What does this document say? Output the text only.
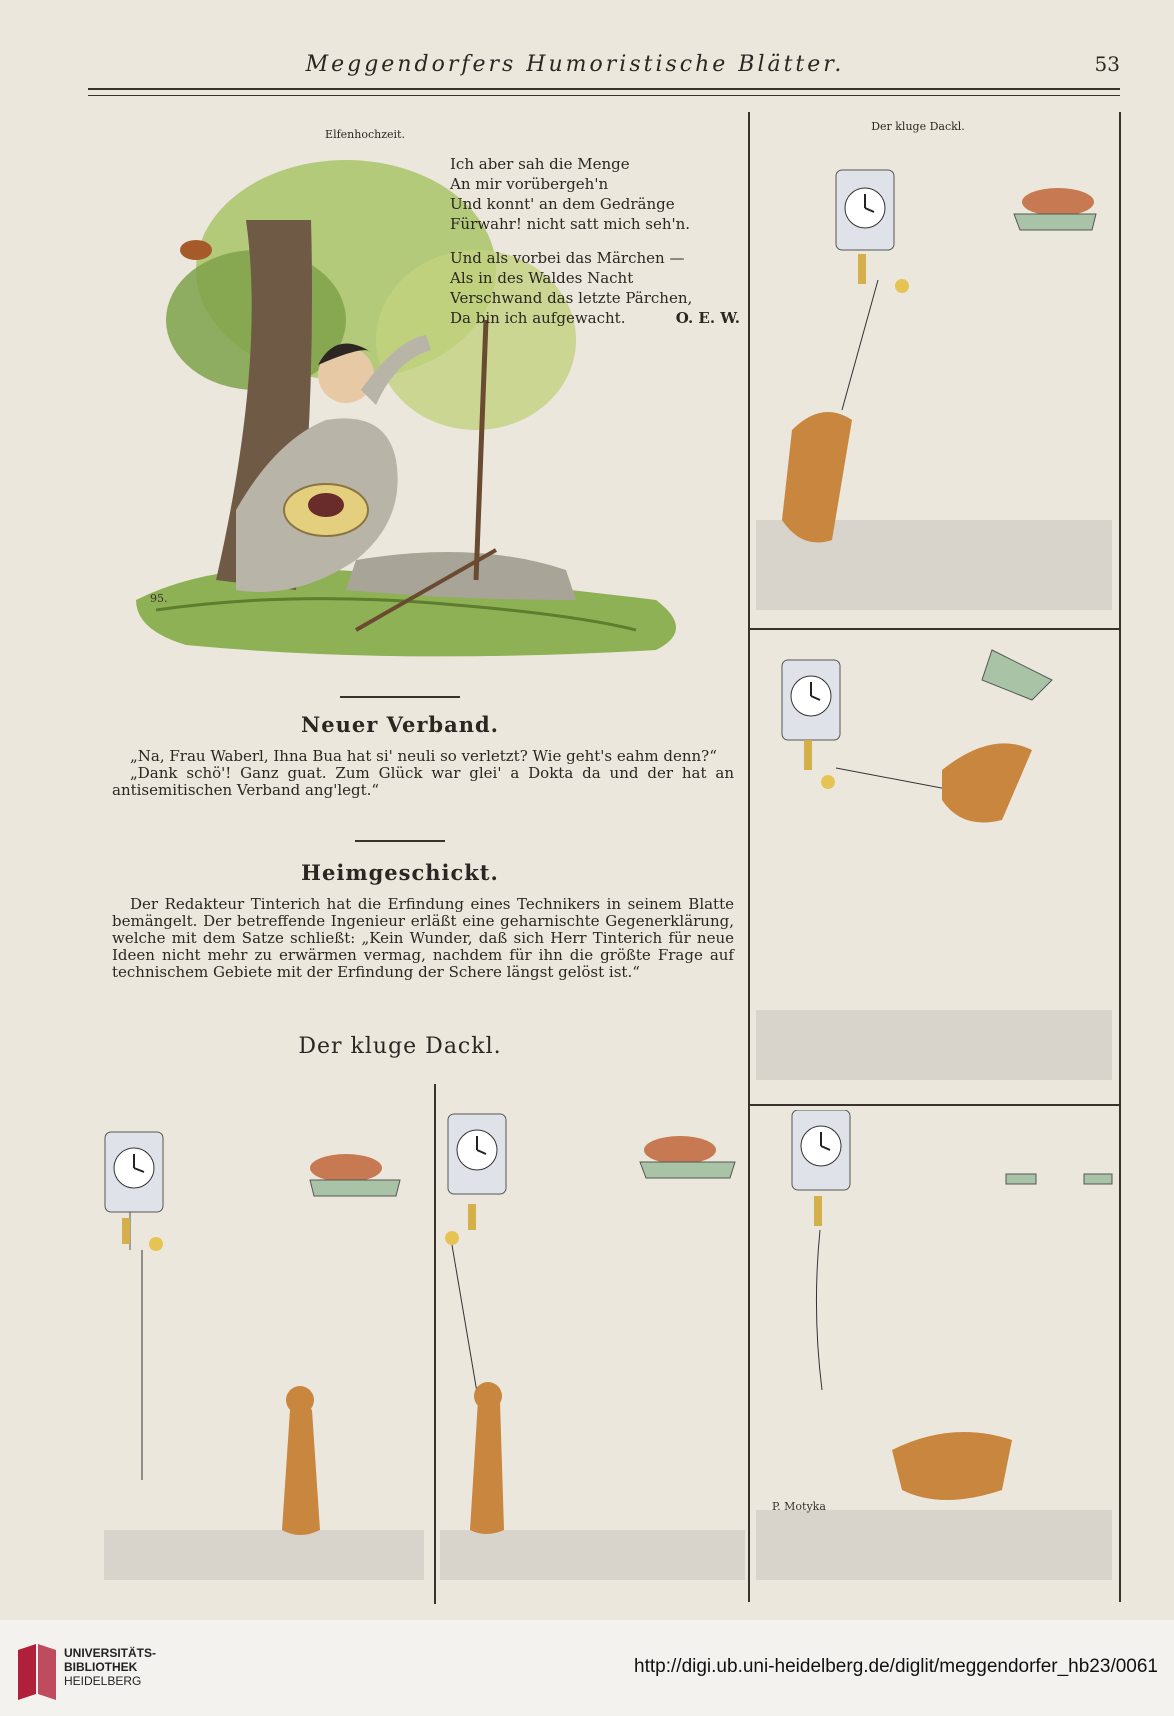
Meggendorfers Humoristische Blätter.	53
Elfenhochzeit.
95.
Ich aber sah die Menge
An mir vorübergeh'n
Und konnt' an dem Gedränge
Fürwahr! nicht satt mich seh'n.
Und als vorbei das Märchen —
Als in des Waldes Nacht
Verschwand das letzte Pärchen,
Da bin ich aufgewacht.	O. E. W.
Neuer Verband.

„Na, Frau Waberl, Ihna Bua hat si' neuli so verletzt? Wie geht's eahm denn?“

„Dank schö'! Ganz guat. Zum Glück war glei' a Dokta da und der hat an antisemitischen Verband ang'legt.“

Heimgeschickt.

Der Redakteur Tinterich hat die Erfindung eines Technikers in seinem Blatte bemängelt. Der betreffende Ingenieur erläßt eine geharnischte Gegenerklärung, welche mit dem Satze schließt: „Kein Wunder, daß sich Herr Tinterich für neue Ideen nicht mehr zu erwärmen vermag, nachdem für ihn die größte Frage auf technischem Gebiete mit der Erfindung der Schere längst gelöst ist.“

Der kluge Dackl.
Der kluge Dackl.
P. Motyka
UNIVERSITÄTS-
BIBLIOTHEK
HEIDELBERG
http://digi.ub.uni-heidelberg.de/diglit/meggendorfer_hb23/0061
